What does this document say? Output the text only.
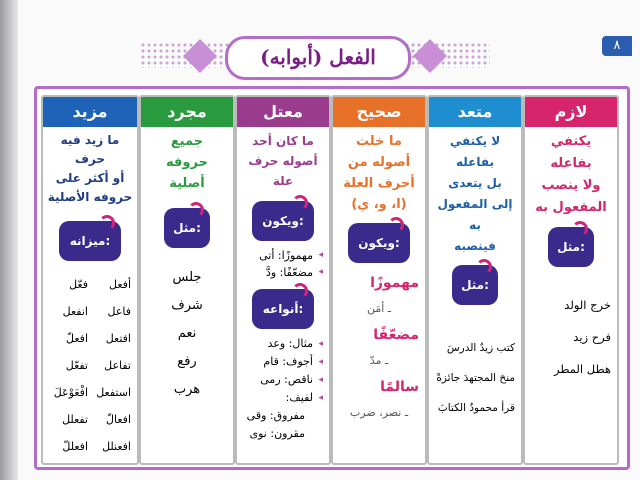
٨
الفعل (أبوابه)
لازم
يكتفي
بفاعله
ولا ينصب
المفعول به
مثل:
خرج الولد
فرح زيد
هطل المطر
متعد
لا يكتفي بفاعله
بل يتعدى
إلى المفعول به
فينصبه
مثل:
كتب زيدٌ الدرسَ
منحَ المجتهدَ جائزةً
قرأ محمودٌ الكتابَ
صحيح
ما خلت
أصوله من
أحرف العلة
(ا، و، ي)
ويكون:
مهموزًا
ـ أمَن
مضعّفًا
ـ مدّ
سالمًا
ـ نصر، ضرب
معتل
ما كان أحد
أصوله حرف علة
ويكون:
◂ مهموزًا: أتى
◂ مضعّفًا: ودَّ
أنواعه:
◂ مثال: وعد
◂ أجوف: قام
◂ ناقص: رمى
◂ لفيف:
مفروق: وقى
مقرون: نوى
مجرد
جميع
حروفه
أصلية
مثل:
جلس
شرف
نعم
رفع
هرب
مزيد
ما زيد فيه حرف
أو أكثر على
حروفه الأصلية
ميزانه:
أفعل
فعّل
فاعل
انفعل
افتعل
افعلّ
تفاعل
تفعّل
استفعل
افْعَوْعَلَ
افعالّ
تفعلل
افعنلل
افعللّ
